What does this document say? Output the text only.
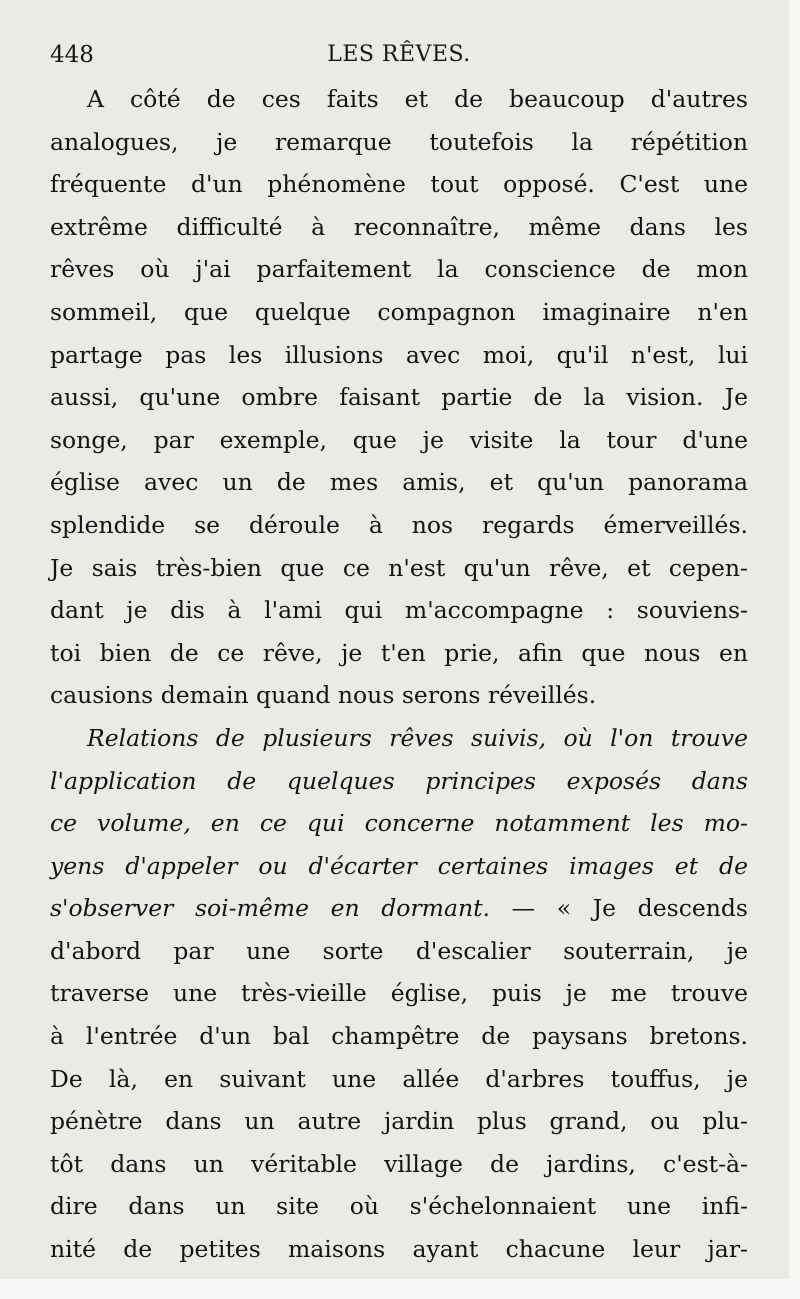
448	LES RÊVES.
A côté de ces faits et de beaucoup d'autres
analogues, je remarque toutefois la répétition
fréquente d'un phénomène tout opposé. C'est une
extrême difficulté à reconnaître, même dans les
rêves où j'ai parfaitement la conscience de mon
sommeil, que quelque compagnon imaginaire n'en
partage pas les illusions avec moi, qu'il n'est, lui
aussi, qu'une ombre faisant partie de la vision. Je
songe, par exemple, que je visite la tour d'une
église avec un de mes amis, et qu'un panorama
splendide se déroule à nos regards émerveillés.
Je sais très-bien que ce n'est qu'un rêve, et cepen-
dant je dis à l'ami qui m'accompagne : souviens-
toi bien de ce rêve, je t'en prie, afin que nous en
causions demain quand nous serons réveillés.
Relations de plusieurs rêves suivis, où l'on trouve
l'application de quelques principes exposés dans
ce volume, en ce qui concerne notamment les mo-
yens d'appeler ou d'écarter certaines images et de
s'observer soi-même en dormant. — « Je descends
d'abord par une sorte d'escalier souterrain, je
traverse une très-vieille église, puis je me trouve
à l'entrée d'un bal champêtre de paysans bretons.
De là, en suivant une allée d'arbres touffus, je
pénètre dans un autre jardin plus grand, ou plu-
tôt dans un véritable village de jardins, c'est-à-
dire dans un site où s'échelonnaient une infi-
nité de petites maisons ayant chacune leur jar-
